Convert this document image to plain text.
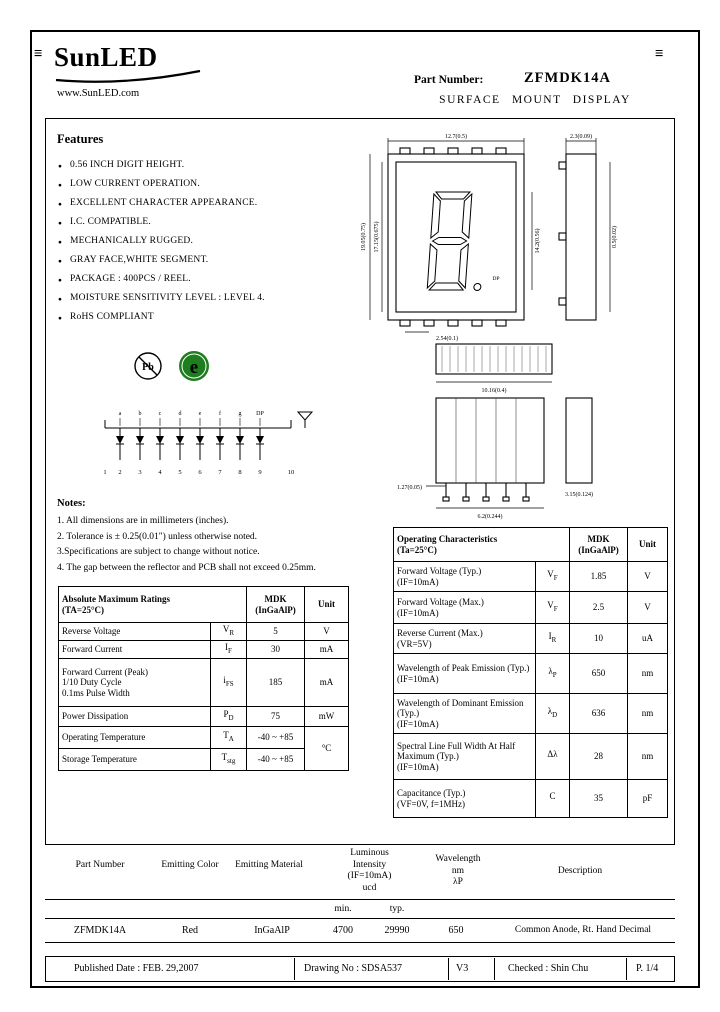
≡	≡
SunLED
www.SunLED.com
Part Number:	ZFMDK14A
SURFACE MOUNT DISPLAY
Features
● 0.56 INCH DIGIT HEIGHT.
● LOW CURRENT OPERATION.
● EXCELLENT CHARACTER APPEARANCE.
● I.C. COMPATIBLE.
● MECHANICALLY RUGGED.
● GRAY FACE,WHITE SEGMENT.
● PACKAGE : 400PCS / REEL.
● MOISTURE SENSITIVITY LEVEL : LEVEL 4.
● RoHS COMPLIANT
Pb e
DP
12.7(0.5)	2.3(0.09)
19.05(0.75) 17.15(0.675)	14.2(0.56)	0.5(0.02)
2.54(0.1)
10.16(0.4)
1.27(0.05)
6.2(0.244)
3.15(0.124)
a	b	c	d	e	f	g DP
1 2	3	4	5	6	7	8	9	10
Notes:
1. All dimensions are in millimeters (inches).
2. Tolerance is ± 0.25(0.01") unless otherwise noted.
3.Specifications are subject to change without notice.
4. The gap between the reflector and PCB shall not exceed 0.25mm.
Absolute Maximum Ratings
(TA=25°C)

MDK
(InGaAlP)

Unit

Reverse Voltage	$V_R$	5	V
Forward Current	$I_F$	30	mA

Forward Current (Peak)
1/10 Duty Cycle
0.1ms Pulse Width	$i_{FS}$	185	mA
Power Dissipation	$P_D$	75	mW
Operating Temperature	$T_A$	-40 ~ +85	°C
Storage Temperature	$T_{stg}$	-40 ~ +85	
Operating Characteristics
(Ta=25°C)

MDK
(InGaAlP)

Unit

Forward Voltage (Typ.)
(IF=10mA)	$V_F$	1.85	V

Forward Voltage (Max.)
(IF=10mA)	$V_F$	2.5	V

Reverse Current (Max.)
(VR=5V)	$I_R$	10	uA

Wavelength of Peak Emission (Typ.)
(IF=10mA)	$\lambda_P$	650	nm

Wavelength of Dominant Emission (Typ.)
(IF=10mA)	$\lambda_D$	636	nm

Spectral Line Full Width At Half Maximum (Typ.)
(IF=10mA)	Δλ	28	nm

Capacitance (Typ.)
(VF=0V, f=1MHz)	C	35	pF
Part Number	Emitting Color	Emitting Material
Luminous
Intensity
(IF=10mA)
ucd
Wavelength
nm
λP
Description
min.	typ.
ZFMDK14A	Red	InGaAlP	4700	29990	650	Common Anode, Rt. Hand Decimal
Published Date : FEB. 29,2007	Drawing No : SDSA537	V3	Checked : Shin Chu	P. 1/4
